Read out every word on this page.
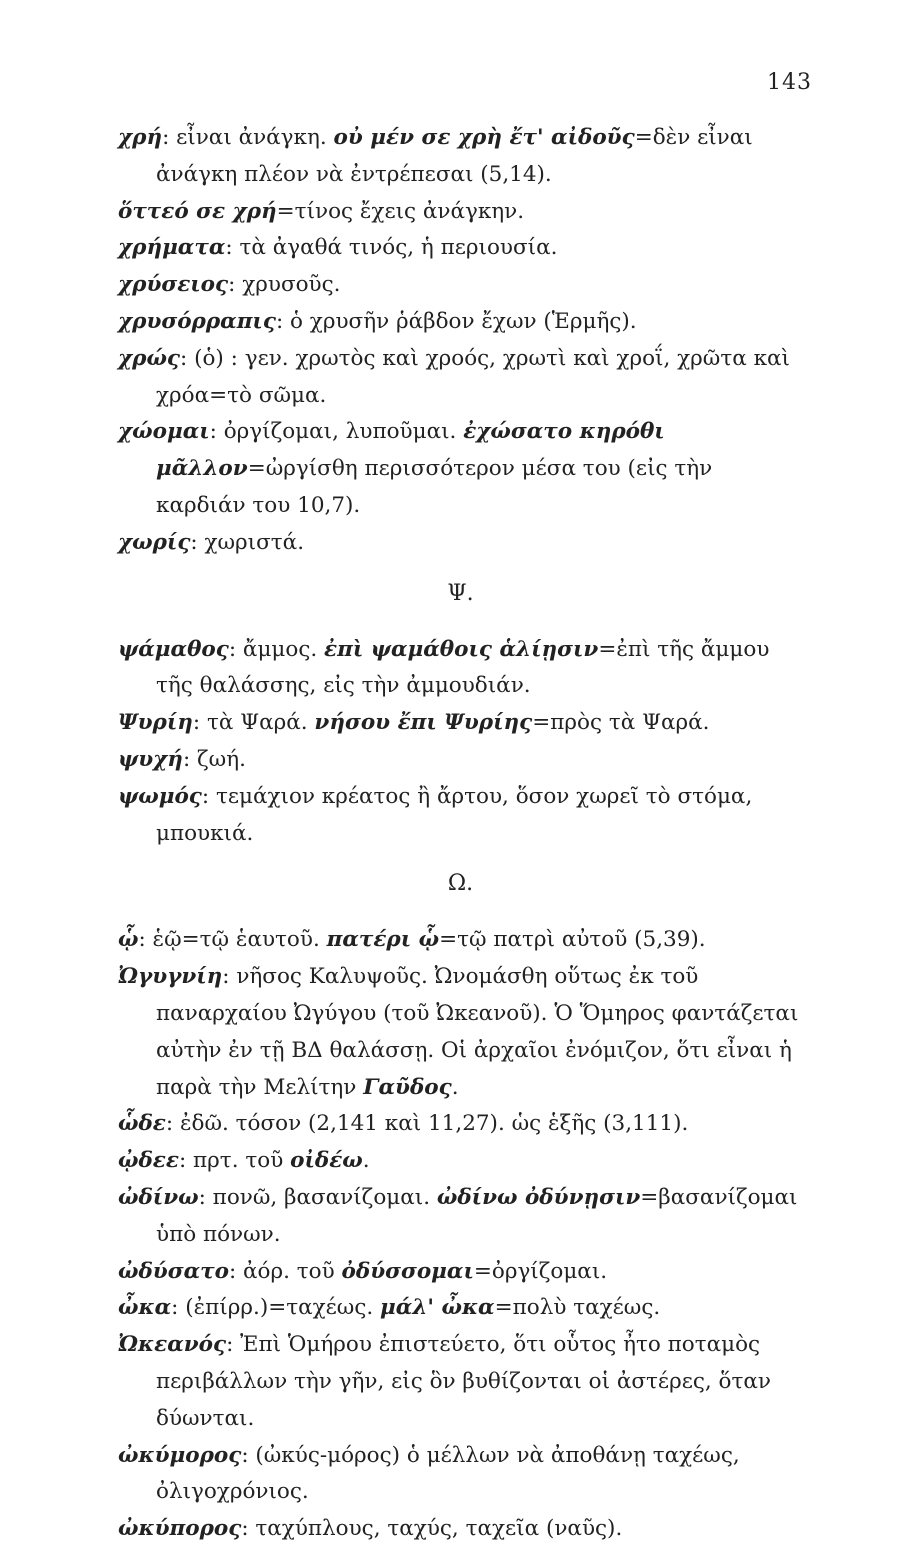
143

χρή: εἶναι ἀνάγκη. οὐ μέν σε χρὴ ἔτ' αἰδοῦς=δὲν εἶναι ἀνάγκη πλέον νὰ ἐντρέπεσαι (5,14).

ὅττεό σε χρή=τίνος ἔχεις ἀνάγκην.

χρήματα: τὰ ἀγαθά τινός, ἡ περιουσία.

χρύσειος: χρυσοῦς.

χρυσόρραπις: ὁ χρυσῆν ῥάβδον ἔχων (Ἑρμῆς).

χρώς: (ὁ) : γεν. χρωτὸς καὶ χροός, χρωτὶ καὶ χροΐ, χρῶτα καὶ χρόα=τὸ σῶμα.

χώομαι: ὀργίζομαι, λυποῦμαι. ἐχώσατο κηρόθι μᾶλλον=ὠργίσθη περισσότερον μέσα του (εἰς τὴν καρδιάν του 10,7).

χωρίς: χωριστά.

Ψ.

ψάμαθος: ἄμμος. ἐπὶ ψαμάθοις ἁλίῃσιν=ἐπὶ τῆς ἄμμου τῆς θαλάσσης, εἰς τὴν ἀμμουδιάν.

Ψυρίη: τὰ Ψαρά. νήσου ἔπι Ψυρίης=πρὸς τὰ Ψαρά.

ψυχή: ζωή.

ψωμός: τεμάχιον κρέατος ἢ ἄρτου, ὅσον χωρεῖ τὸ στόμα, μπουκιά.

Ω.

ᾧ: ἑῷ=τῷ ἑαυτοῦ. πατέρι ᾧ=τῷ πατρὶ αὐτοῦ (5,39).

Ὠγυγνίη: νῆσος Καλυψοῦς. Ὠνομάσθη οὕτως ἐκ τοῦ παναρχαίου Ὠγύγου (τοῦ Ὠκεανοῦ). Ὁ Ὅμηρος φαντάζεται αὐτὴν ἐν τῇ ΒΔ θαλάσσῃ. Οἱ ἀρχαῖοι ἐνόμιζον, ὅτι εἶναι ἡ παρὰ τὴν Μελίτην Γαῦδος.

ὧδε: ἐδῶ. τόσον (2,141 καὶ 11,27). ὡς ἑξῆς (3,111).

ᾠδεε: πρτ. τοῦ οἰδέω.

ὠδίνω: πονῶ, βασανίζομαι. ὠδίνω ὀδύνῃσιν=βασανίζομαι ὑπὸ πόνων.

ὠδύσατο: ἀόρ. τοῦ ὀδύσσομαι=ὀργίζομαι.

ὦκα: (ἐπίρρ.)=ταχέως. μάλ' ὦκα=πολὺ ταχέως.

Ὠκεανός: Ἐπὶ Ὁμήρου ἐπιστεύετο, ὅτι οὗτος ἦτο ποταμὸς περιβάλλων τὴν γῆν, εἰς ὃν βυθίζονται οἱ ἀστέρες, ὅταν δύωνται.

ὠκύμορος: (ὠκύς-μόρος) ὁ μέλλων νὰ ἀποθάνῃ ταχέως, ὀλιγοχρόνιος.

ὠκύπορος: ταχύπλους, ταχύς, ταχεῖα (ναῦς).
